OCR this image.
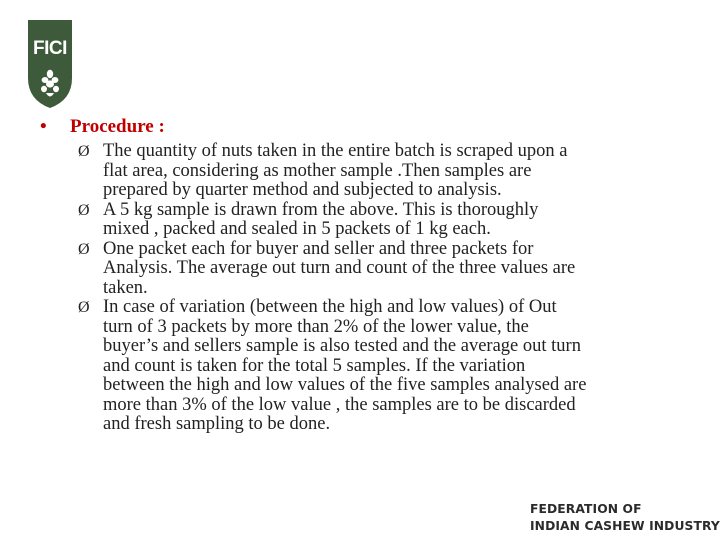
FICI
• Procedure :
Ø The quantity of nuts taken in the entire batch is scraped upon a
flat area, considering as mother sample .Then samples are
prepared by quarter method and subjected to analysis.
Ø A 5 kg sample is drawn from the above. This is thoroughly
mixed , packed and sealed in 5 packets of 1 kg each.
Ø One packet each for buyer and seller and three packets for
Analysis. The average out turn and count of the three values are
taken.
Ø In case of variation (between the high and low values) of Out
turn of 3 packets by more than 2% of the lower value, the
buyer’s and sellers sample is also tested and the average out turn
and count is taken for the total 5 samples. If the variation
between the high and low values of the five samples analysed are
more than 3% of the low value , the samples are to be discarded
and fresh sampling to be done.
FEDERATION OF
INDIAN CASHEW INDUSTRY
